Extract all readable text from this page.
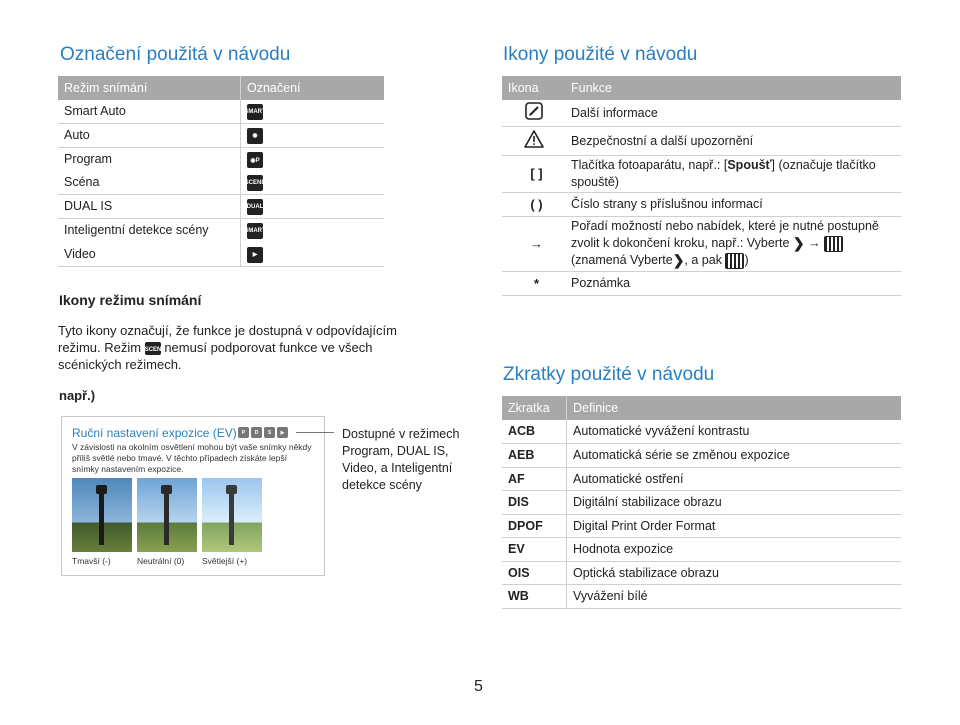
Označení použitá v návodu
Režim snímání	Označení
Smart Auto	SMART
Auto	◉
Program	◉P
Scéna	SCENE
DUAL IS	DUAL
Inteligentní detekce scény	SMART
Video	▶
Ikony režimu snímání
Tyto ikony označují, že funkce je dostupná v odpovídajícím režimu. Režim SCENE nemusí podporovat funkce ve všech scénických režimech.
např.)
Ruční nastavení expozice (EV)	P	D	S	▶
V závislosti na okolním osvětlení mohou být vaše snímky někdy příliš světlé nebo tmavé. V těchto případech získáte lepší snímky nastavením expozice.
Tmavší (-)	Neutrální (0) Světlejší (+)
Dostupné v režimech Program, DUAL IS, Video, a Inteligentní detekce scény
Ikony použité v návodu
Ikona	Funkce
	Další informace
	Bezpečnostní a další upozornění
[ ]	Tlačítka fotoaparátu, např.: [Spoušť] (označuje tlačítko spouště)
( )	Číslo strany s příslušnou informací
→	Pořadí možností nebo nabídek, které je nutné postupně zvolit k dokončení kroku, např.: Vyberte ❯ →  (znamená Vyberte❯, a pak )
*	Poznámka
Zkratky použité v návodu
Zkratka	Definice
ACB	Automatické vyvážení kontrastu
AEB	Automatická série se změnou expozice
AF	Automatické ostření
DIS	Digitální stabilizace obrazu
DPOF	Digital Print Order Format
EV	Hodnota expozice
OIS	Optická stabilizace obrazu
WB	Vyvážení bílé
5
